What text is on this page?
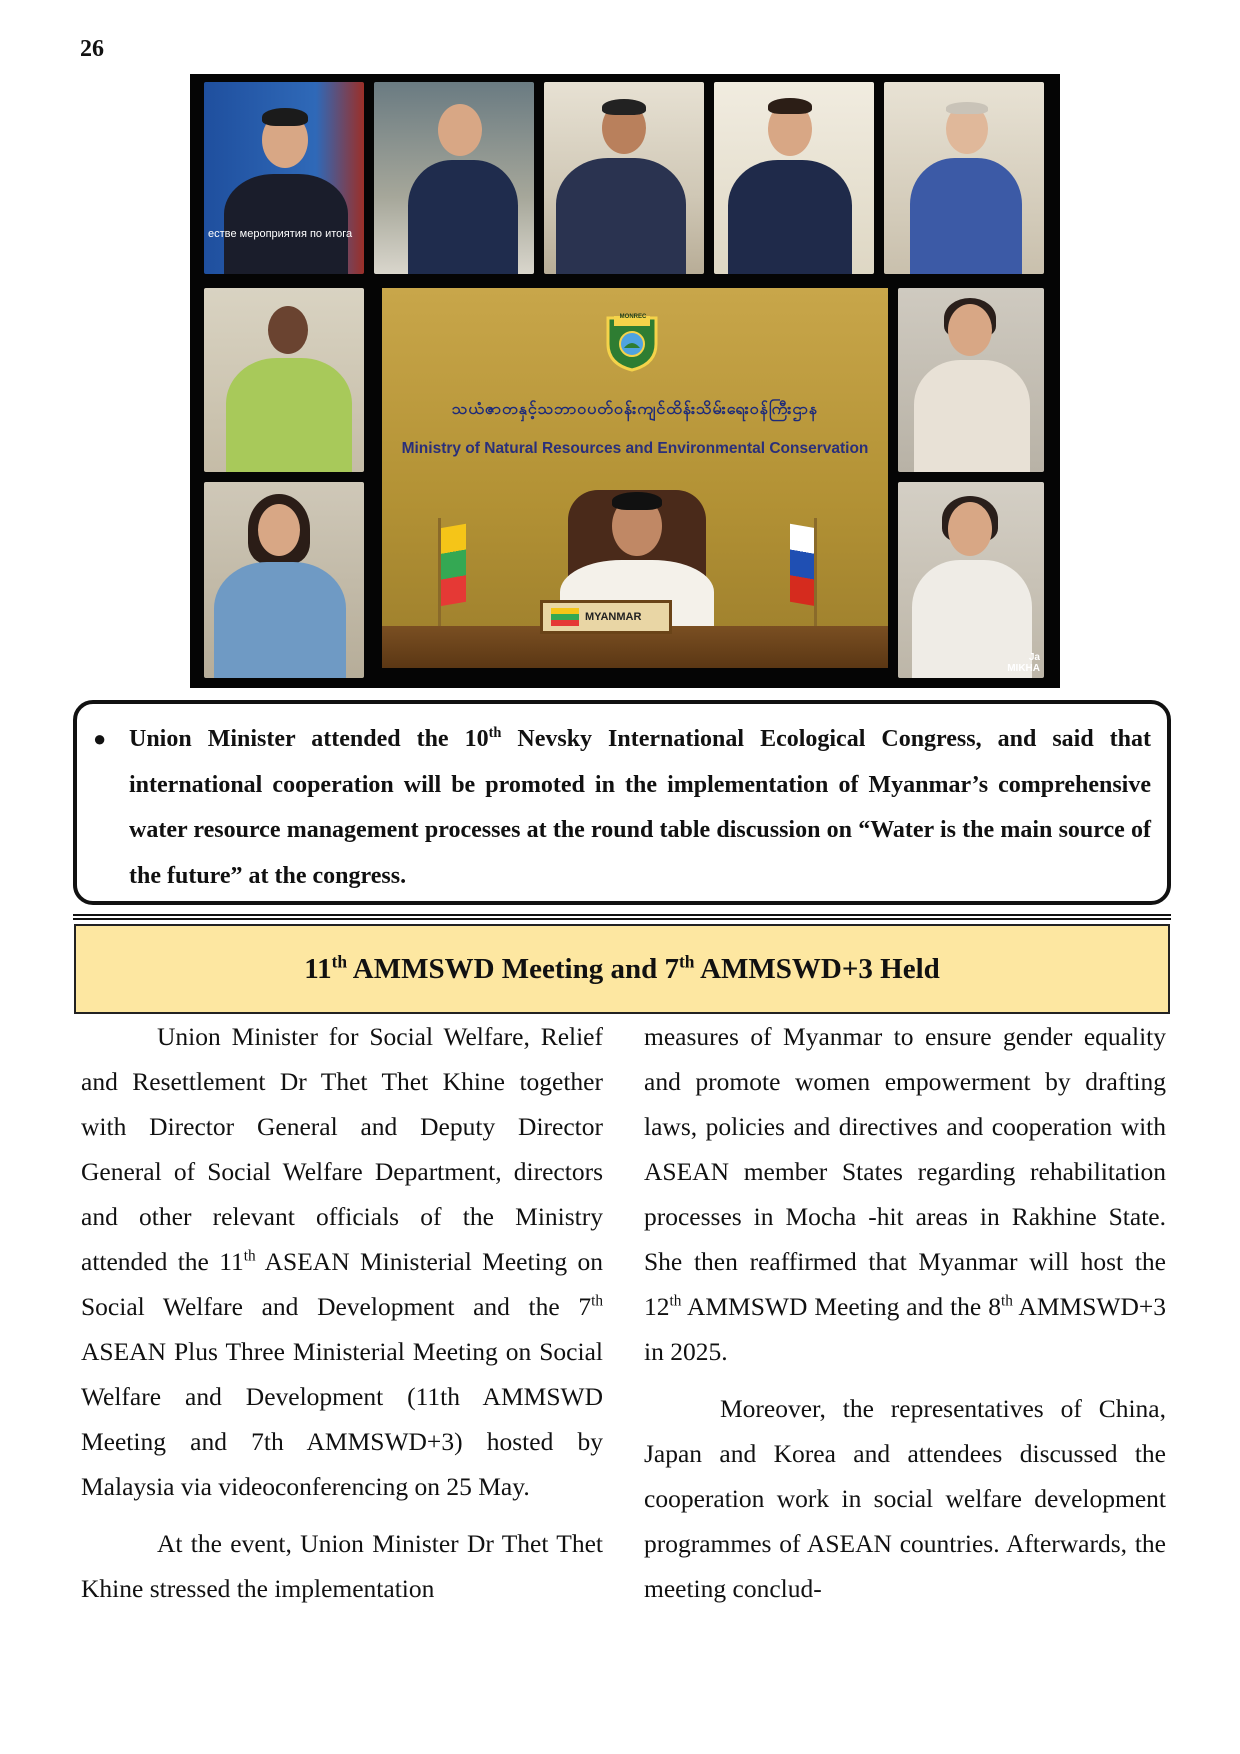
26
ествe мероприятия по итога
Ja
MIKHA
MONREC
သယံဇာတနှင့်သဘာဝပတ်ဝန်းကျင်ထိန်းသိမ်းရေးဝန်ကြီးဌာန
Ministry of Natural Resources and Environmental Conservation
MYANMAR
● Union Minister attended the 10th Nevsky International Ecological Congress, and said that international cooperation will be promoted in the implementation of Myanmar’s comprehensive water resource management processes at the round table discussion on “Water is the main source of the future” at the congress.
11th AMMSWD Meeting and 7th AMMSWD+3 Held

Union Minister for Social Welfare, Relief and Resettlement Dr Thet Thet Khine together with Director General and Deputy Director General of Social Welfare Department, directors and other relevant officials of the Ministry attended the 11th ASEAN Ministerial Meeting on Social Welfare and Development and the 7th ASEAN Plus Three Ministerial Meeting on Social Welfare and Development (11th AMMSWD Meeting and 7th AMMSWD+3) hosted by Malaysia via videoconferencing on 25 May.

At the event, Union Minister Dr Thet Thet Khine stressed the implementation

measures of Myanmar to ensure gender equality and promote women empowerment by drafting laws, policies and directives and cooperation with ASEAN member States regarding rehabilitation processes in Mocha -hit areas in Rakhine State. She then reaffirmed that Myanmar will host the 12th AMMSWD Meeting and the 8th AMMSWD+3 in 2025.

Moreover, the representatives of China, Japan and Korea and attendees discussed the cooperation work in social welfare development programmes of ASEAN countries. Afterwards, the meeting conclud-
